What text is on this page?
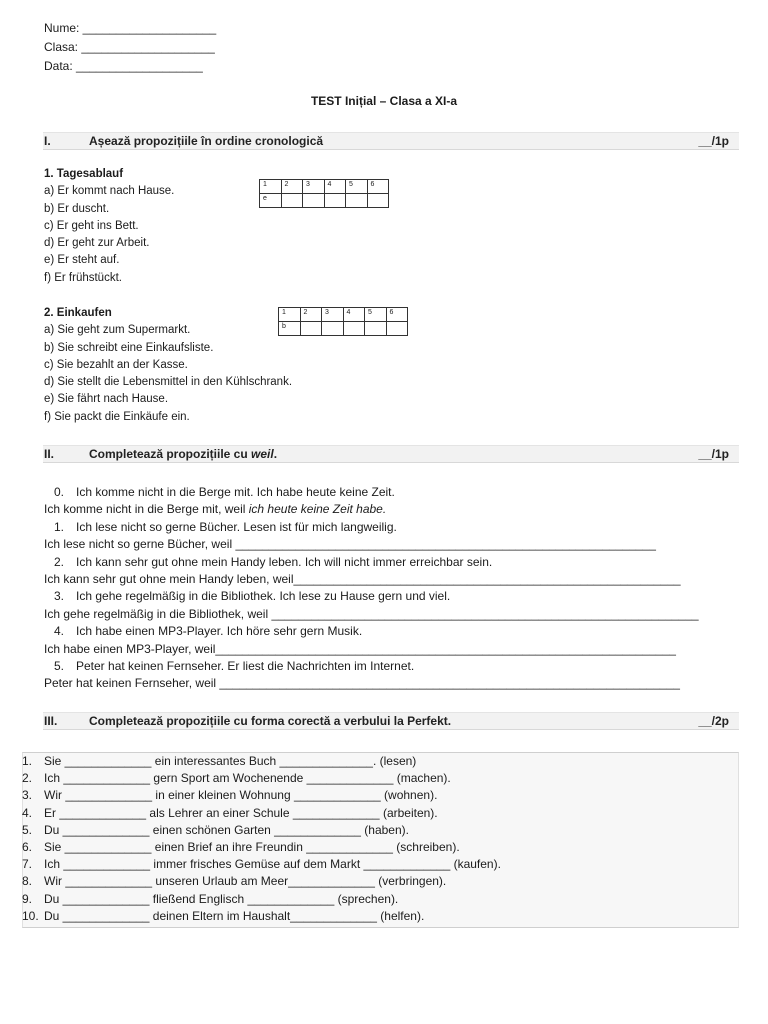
Nume: ____________________
Clasa: ____________________
Data: ___________________
TEST Inițial – Clasa a XI-a
I.	Așează propozițiile în ordine cronologică	__/1p
1. Tagesablauf
a) Er kommt nach Hause.
b) Er duscht.
c) Er geht ins Bett.
d) Er geht zur Arbeit.
e) Er steht auf.
f) Er frühstückt.
1	2	3	4	5	6
e					
2. Einkaufen
a) Sie geht zum Supermarkt.
b) Sie schreibt eine Einkaufsliste.
c) Sie bezahlt an der Kasse.
d) Sie stellt die Lebensmittel in den Kühlschrank.
e) Sie fährt nach Hause.
f) Sie packt die Einkäufe ein.
1	2	3	4	5	6
b					
II.	Completează propozițiile cu weil.	__/1p
0. Ich komme nicht in die Berge mit. Ich habe heute keine Zeit.
Ich komme nicht in die Berge mit, weil ich heute keine Zeit habe.
1. Ich lese nicht so gerne Bücher. Lesen ist für mich langweilig.
Ich lese nicht so gerne Bücher, weil _______________________________________________________________
2. Ich kann sehr gut ohne mein Handy leben. Ich will nicht immer erreichbar sein.
Ich kann sehr gut ohne mein Handy leben, weil__________________________________________________________
3. Ich gehe regelmäßig in die Bibliothek. Ich lese zu Hause gern und viel.
Ich gehe regelmäßig in die Bibliothek, weil ________________________________________________________________
4. Ich habe einen MP3-Player. Ich höre sehr gern Musik.
Ich habe einen MP3-Player, weil_____________________________________________________________________
5. Peter hat keinen Fernseher. Er liest die Nachrichten im Internet.
Peter hat keinen Fernseher, weil _____________________________________________________________________
III.	Completează propozițiile cu forma corectă a verbului la Perfekt.	__/2p
1. Sie _____________ ein interessantes Buch ______________. (lesen)
2. Ich _____________ gern Sport am Wochenende _____________ (machen).
3. Wir _____________ in einer kleinen Wohnung _____________ (wohnen).
4. Er _____________ als Lehrer an einer Schule _____________ (arbeiten).
5. Du _____________ einen schönen Garten _____________ (haben).
6. Sie _____________ einen Brief an ihre Freundin _____________ (schreiben).
7. Ich _____________ immer frisches Gemüse auf dem Markt _____________ (kaufen).
8. Wir _____________ unseren Urlaub am Meer_____________ (verbringen).
9. Du _____________ fließend Englisch _____________ (sprechen).
10. Du _____________ deinen Eltern im Haushalt_____________ (helfen).
